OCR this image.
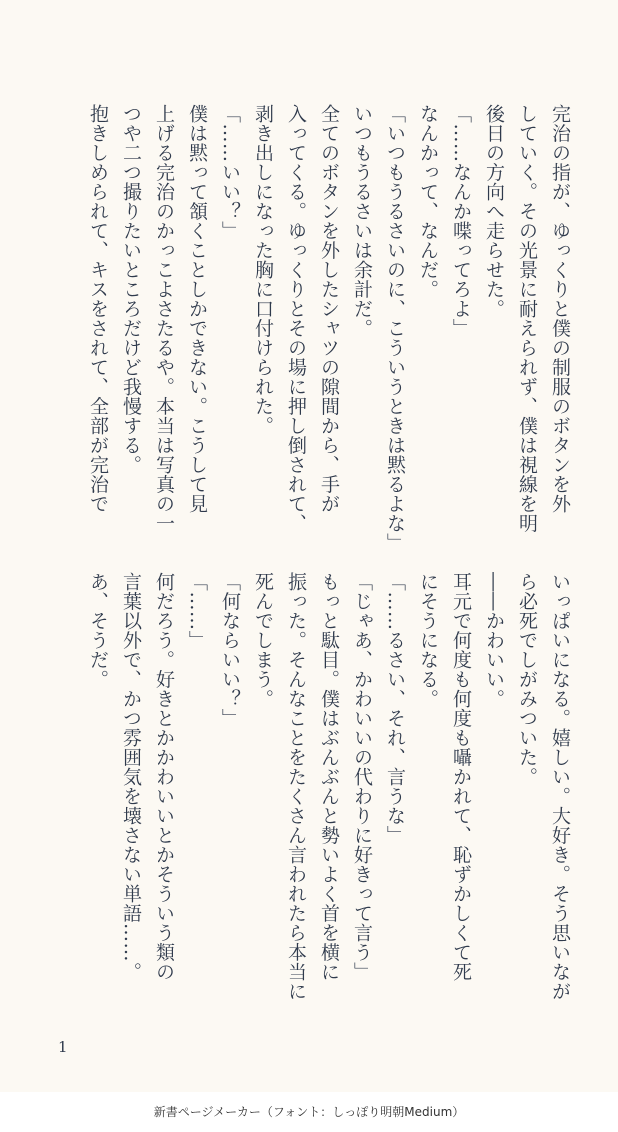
完治の指が、ゆっくりと僕の制服のボタンを外

していく。その光景に耐えられず、僕は視線を明

後日の方向へ走らせた。

「……なんか喋ってろよ」

なんかって、なんだ。

「いつもうるさいのに、こういうときは黙るよな」

いつもうるさいは余計だ。

全てのボタンを外したシャツの隙間から、手が

入ってくる。ゆっくりとその場に押し倒されて、

剥き出しになった胸に口付けられた。

「……いい？」

僕は黙って頷くことしかできない。こうして見

上げる完治のかっこよさたるや。本当は写真の一

つや二つ撮りたいところだけど我慢する。

抱きしめられて、キスをされて、全部が完治で

いっぱいになる。嬉しい。大好き。そう思いなが

ら必死でしがみついた。

――かわいい。

耳元で何度も何度も囁かれて、恥ずかしくて死

にそうになる。

「……るさい、それ、言うな」

「じゃあ、かわいいの代わりに好きって言う」

もっと駄目。僕はぶんぶんと勢いよく首を横に

振った。そんなことをたくさん言われたら本当に

死んでしまう。

「何ならいい？」

「……」

何だろう。好きとかかわいいとかそういう類の

言葉以外で、かつ雰囲気を壊さない単語……。

あ、そうだ。

1
新書ページメーカー（フォント：しっぽり明朝Medium）
